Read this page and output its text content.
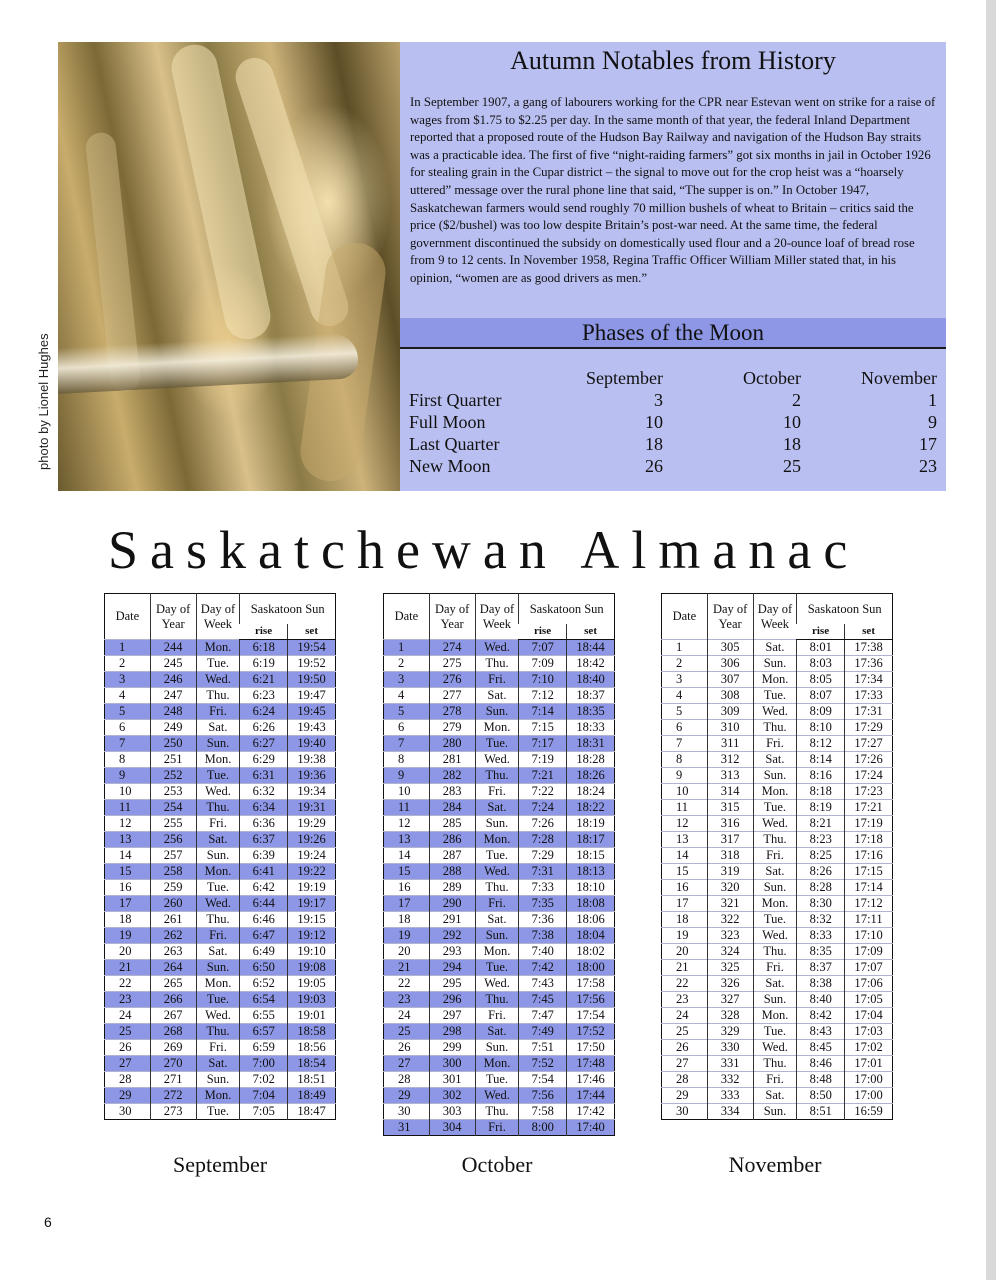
photo by Lionel Hughes
Autumn Notables from History

In September 1907, a gang of labourers working for the CPR near Estevan went on strike for a raise of wages from $1.75 to $2.25 per day. In the same month of that year, the federal Inland Department reported that a proposed route of the Hudson Bay Railway and navigation of the Hudson Bay straits was a practicable idea. The first of five “night-raiding farmers” got six months in jail in October 1926 for stealing grain in the Cupar district – the signal to move out for the crop heist was a “hoarsely uttered” message over the rural phone line that said, “The supper is on.” In October 1947, Saskatchewan farmers would send roughly 70 million bushels of wheat to Britain – critics said the price ($2/bushel) was too low despite Britain’s post-war need. At the same time, the federal government discontinued the subsidy on domestically used flour and a 20-ounce loaf of bread rose from 9 to 12 cents. In November 1958, Regina Traffic Officer William Miller stated that, in his opinion, “women are as good drivers as men.”

Phases of the Moon
	September	October	November
First Quarter	3	2	1
Full Moon	10	10	9
Last Quarter	18	18	17
New Moon	26	25	23
Saskatchewan Almanac
Date	Day of Year	Day of Week	Saskatoon Sun	
			rise	set
1	244	Mon.	6:18	19:54
2	245	Tue.	6:19	19:52
3	246	Wed.	6:21	19:50
4	247	Thu.	6:23	19:47
5	248	Fri.	6:24	19:45
6	249	Sat.	6:26	19:43
7	250	Sun.	6:27	19:40
8	251	Mon.	6:29	19:38
9	252	Tue.	6:31	19:36
10	253	Wed.	6:32	19:34
11	254	Thu.	6:34	19:31
12	255	Fri.	6:36	19:29
13	256	Sat.	6:37	19:26
14	257	Sun.	6:39	19:24
15	258	Mon.	6:41	19:22
16	259	Tue.	6:42	19:19
17	260	Wed.	6:44	19:17
18	261	Thu.	6:46	19:15
19	262	Fri.	6:47	19:12
20	263	Sat.	6:49	19:10
21	264	Sun.	6:50	19:08
22	265	Mon.	6:52	19:05
23	266	Tue.	6:54	19:03
24	267	Wed.	6:55	19:01
25	268	Thu.	6:57	18:58
26	269	Fri.	6:59	18:56
27	270	Sat.	7:00	18:54
28	271	Sun.	7:02	18:51
29	272	Mon.	7:04	18:49
30	273	Tue.	7:05	18:47
Date	Day of Year	Day of Week	Saskatoon Sun	
			rise	set
1	274	Wed.	7:07	18:44
2	275	Thu.	7:09	18:42
3	276	Fri.	7:10	18:40
4	277	Sat.	7:12	18:37
5	278	Sun.	7:14	18:35
6	279	Mon.	7:15	18:33
7	280	Tue.	7:17	18:31
8	281	Wed.	7:19	18:28
9	282	Thu.	7:21	18:26
10	283	Fri.	7:22	18:24
11	284	Sat.	7:24	18:22
12	285	Sun.	7:26	18:19
13	286	Mon.	7:28	18:17
14	287	Tue.	7:29	18:15
15	288	Wed.	7:31	18:13
16	289	Thu.	7:33	18:10
17	290	Fri.	7:35	18:08
18	291	Sat.	7:36	18:06
19	292	Sun.	7:38	18:04
20	293	Mon.	7:40	18:02
21	294	Tue.	7:42	18:00
22	295	Wed.	7:43	17:58
23	296	Thu.	7:45	17:56
24	297	Fri.	7:47	17:54
25	298	Sat.	7:49	17:52
26	299	Sun.	7:51	17:50
27	300	Mon.	7:52	17:48
28	301	Tue.	7:54	17:46
29	302	Wed.	7:56	17:44
30	303	Thu.	7:58	17:42
31	304	Fri.	8:00	17:40
Date	Day of Year	Day of Week	Saskatoon Sun	
			rise	set
1	305	Sat.	8:01	17:38
2	306	Sun.	8:03	17:36
3	307	Mon.	8:05	17:34
4	308	Tue.	8:07	17:33
5	309	Wed.	8:09	17:31
6	310	Thu.	8:10	17:29
7	311	Fri.	8:12	17:27
8	312	Sat.	8:14	17:26
9	313	Sun.	8:16	17:24
10	314	Mon.	8:18	17:23
11	315	Tue.	8:19	17:21
12	316	Wed.	8:21	17:19
13	317	Thu.	8:23	17:18
14	318	Fri.	8:25	17:16
15	319	Sat.	8:26	17:15
16	320	Sun.	8:28	17:14
17	321	Mon.	8:30	17:12
18	322	Tue.	8:32	17:11
19	323	Wed.	8:33	17:10
20	324	Thu.	8:35	17:09
21	325	Fri.	8:37	17:07
22	326	Sat.	8:38	17:06
23	327	Sun.	8:40	17:05
24	328	Mon.	8:42	17:04
25	329	Tue.	8:43	17:03
26	330	Wed.	8:45	17:02
27	331	Thu.	8:46	17:01
28	332	Fri.	8:48	17:00
29	333	Sat.	8:50	17:00
30	334	Sun.	8:51	16:59
September	October	November
6
